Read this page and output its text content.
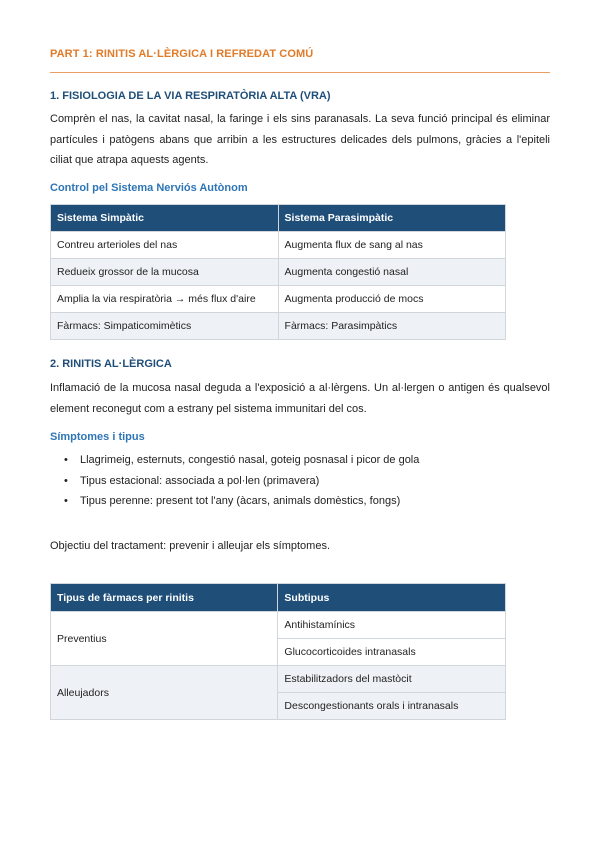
PART 1: RINITIS AL·LÈRGICA I REFREDAT COMÚ
1. FISIOLOGIA DE LA VIA RESPIRATÒRIA ALTA (VRA)
Comprèn el nas, la cavitat nasal, la faringe i els sins paranasals. La seva funció principal és eliminar partícules i patògens abans que arribin a les estructures delicades dels pulmons, gràcies a l'epiteli ciliat que atrapa aquests agents.
Control pel Sistema Nerviós Autònom
Sistema Simpàtic	Sistema Parasimpàtic
Contreu arterioles del nas	Augmenta flux de sang al nas
Redueix grossor de la mucosa	Augmenta congestió nasal
Amplia la via respiratòria → més flux d'aire	Augmenta producció de mocs
Fàrmacs: Simpaticomimètics	Fàrmacs: Parasimpàtics
2. RINITIS AL·LÈRGICA
Inflamació de la mucosa nasal deguda a l'exposició a al·lèrgens. Un al·lergen o antigen és qualsevol element reconegut com a estrany pel sistema immunitari del cos.
Símptomes i tipus
• Llagrimeig, esternuts, congestió nasal, goteig posnasal i picor de gola
• Tipus estacional: associada a pol·len (primavera)
• Tipus perenne: present tot l'any (àcars, animals domèstics, fongs)
Objectiu del tractament: prevenir i alleujar els símptomes.
Tipus de fàrmacs per rinitis	Subtipus
Preventius	Antihistamínics
	Glucocorticoides intranasals
Alleujadors	Estabilitzadors del mastòcit
	Descongestionants orals i intranasals
